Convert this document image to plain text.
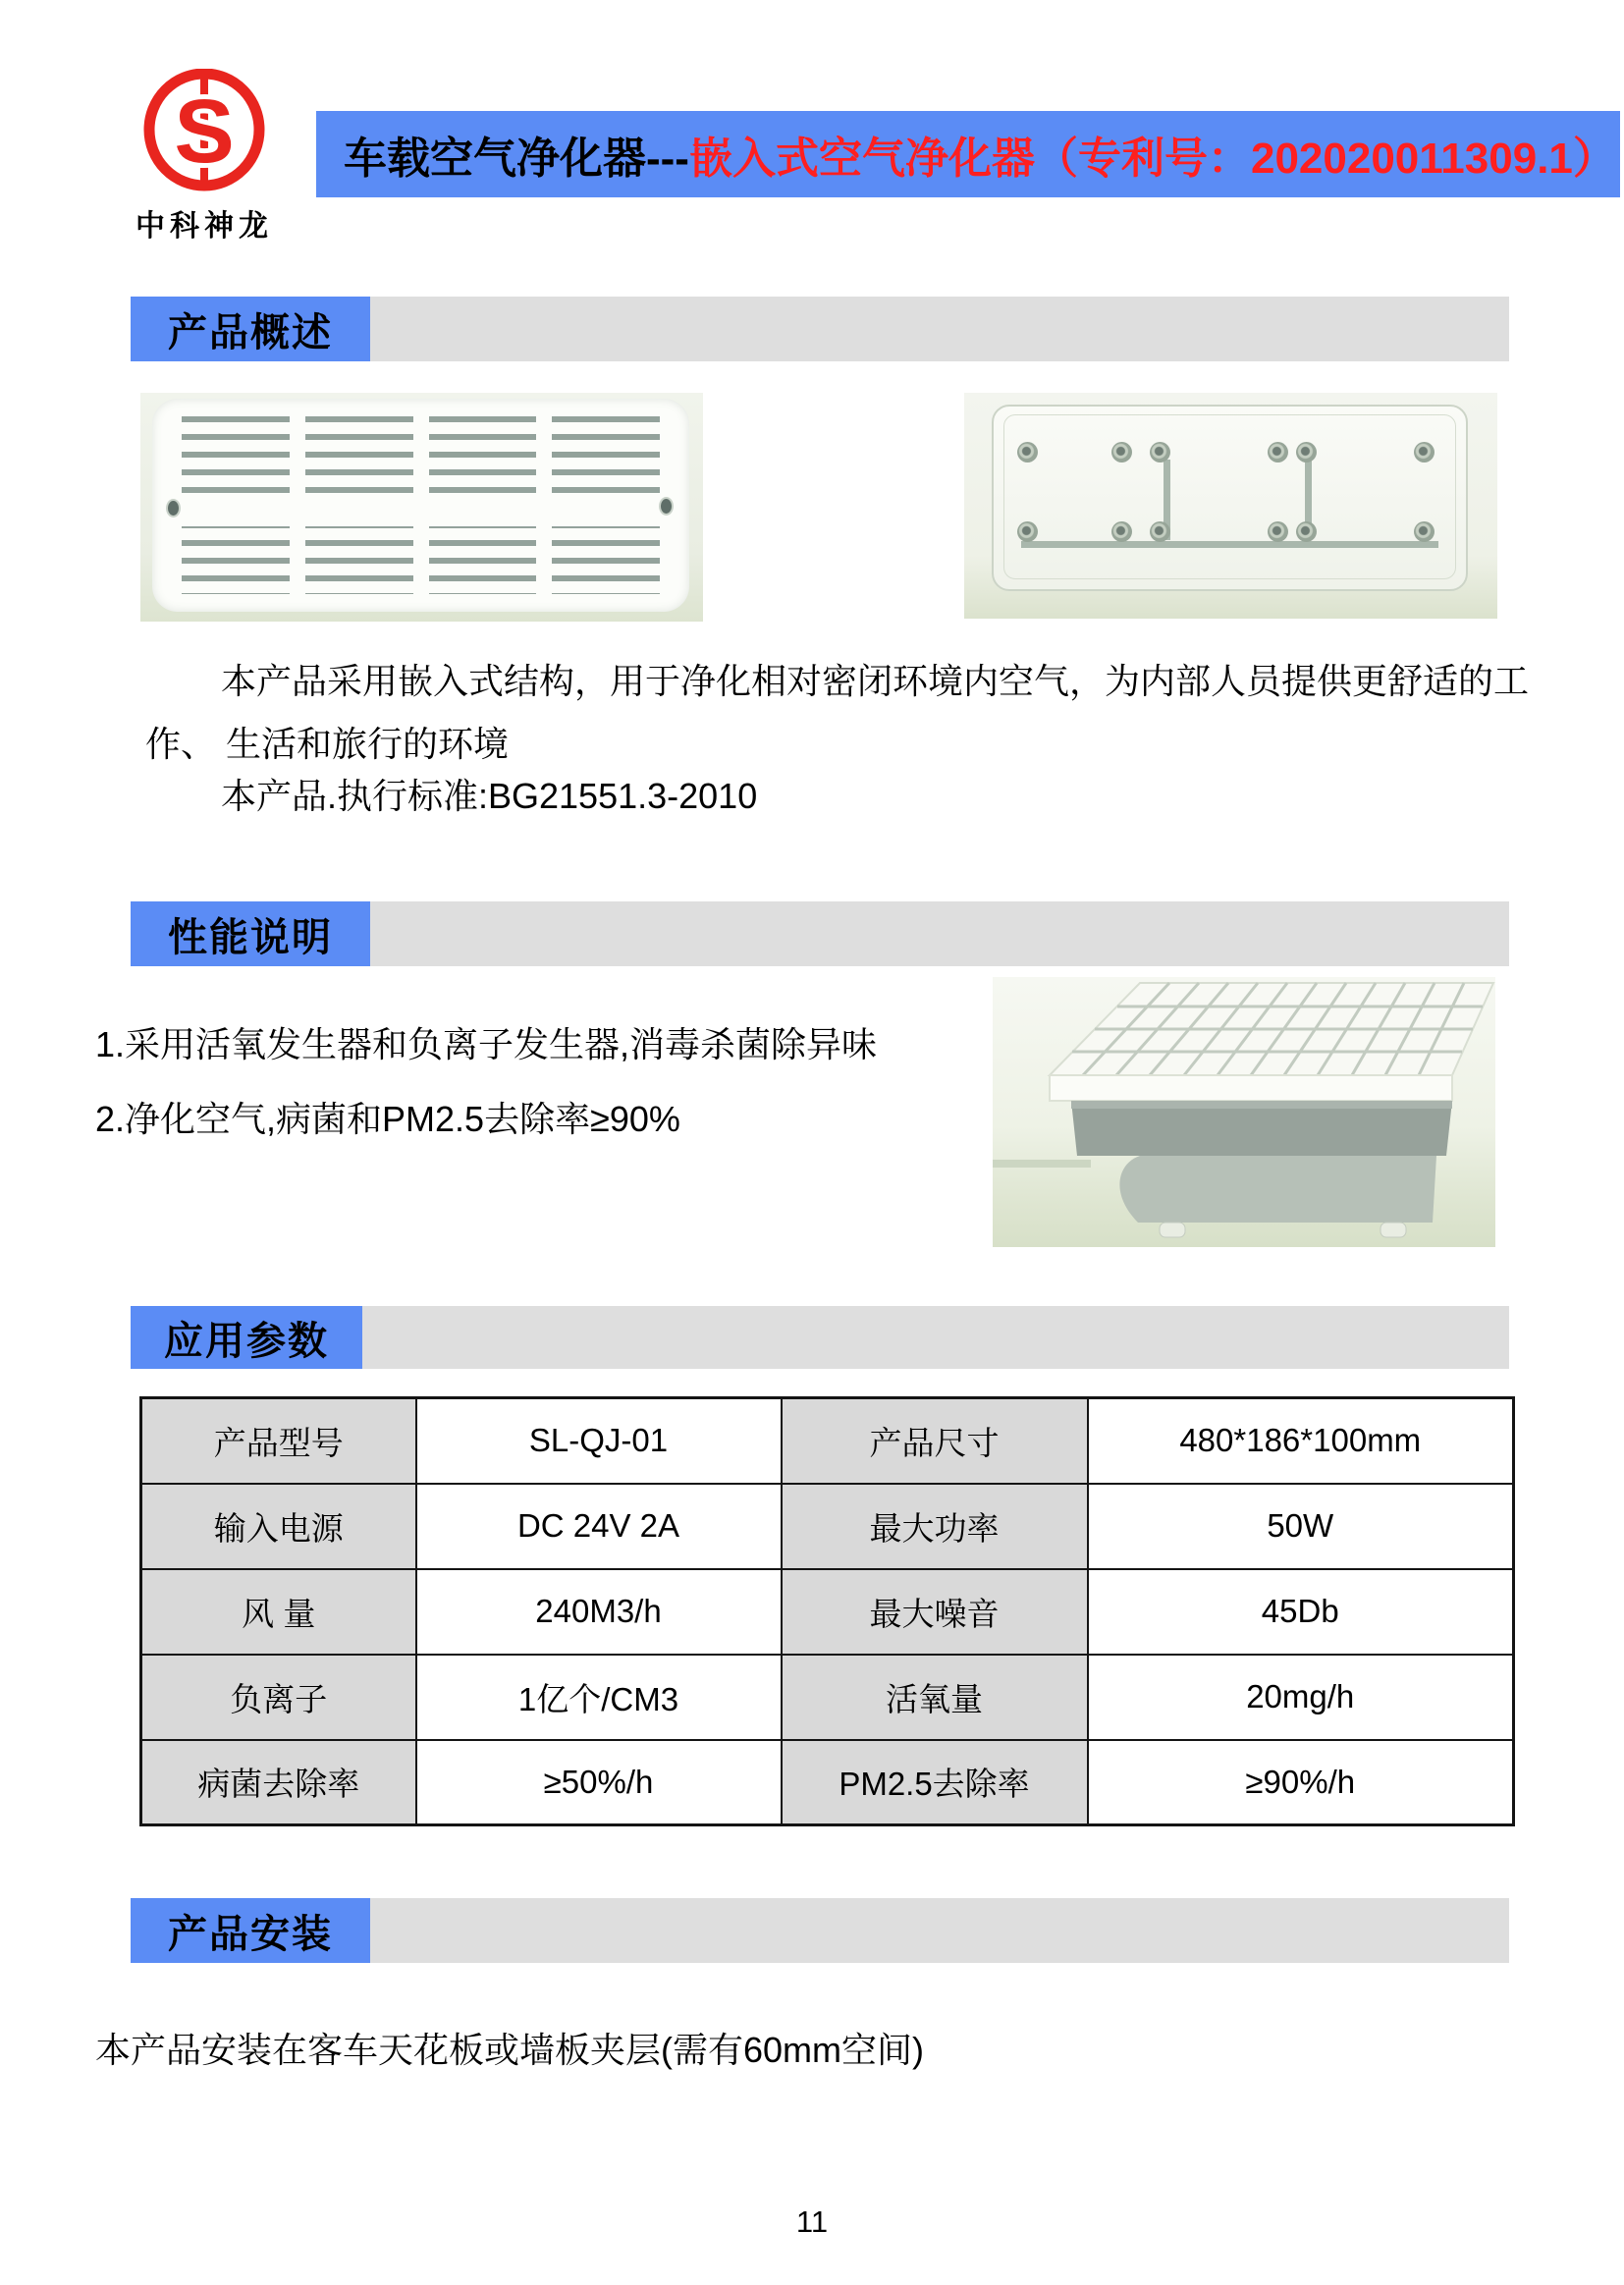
S
中科神龙
车载空气净化器--- 嵌入式空气净化器（专利号：202020011309.1）
产品概述
本产品采用嵌入式结构，用于净化相对密闭环境内空气，为内部人员提供更舒适的工
作、 生活和旅行的环境
本产品.执行标准:BG21551.3-2010
性能说明
1.采用活氧发生器和负离子发生器,消毒杀菌除异味
2.净化空气,病菌和PM2.5去除率≥90%
应用参数
产品型号	SL-QJ-01	产品尺寸	480*186*100mm
输入电源	DC 24V 2A	最大功率	50W
风 量	240M3/h	最大噪音	45Db
负离子	1亿个/CM3	活氧量	20mg/h
病菌去除率	≥50%/h	PM2.5去除率	≥90%/h
产品安装
本产品安装在客车天花板或墙板夹层(需有60mm空间)
11
